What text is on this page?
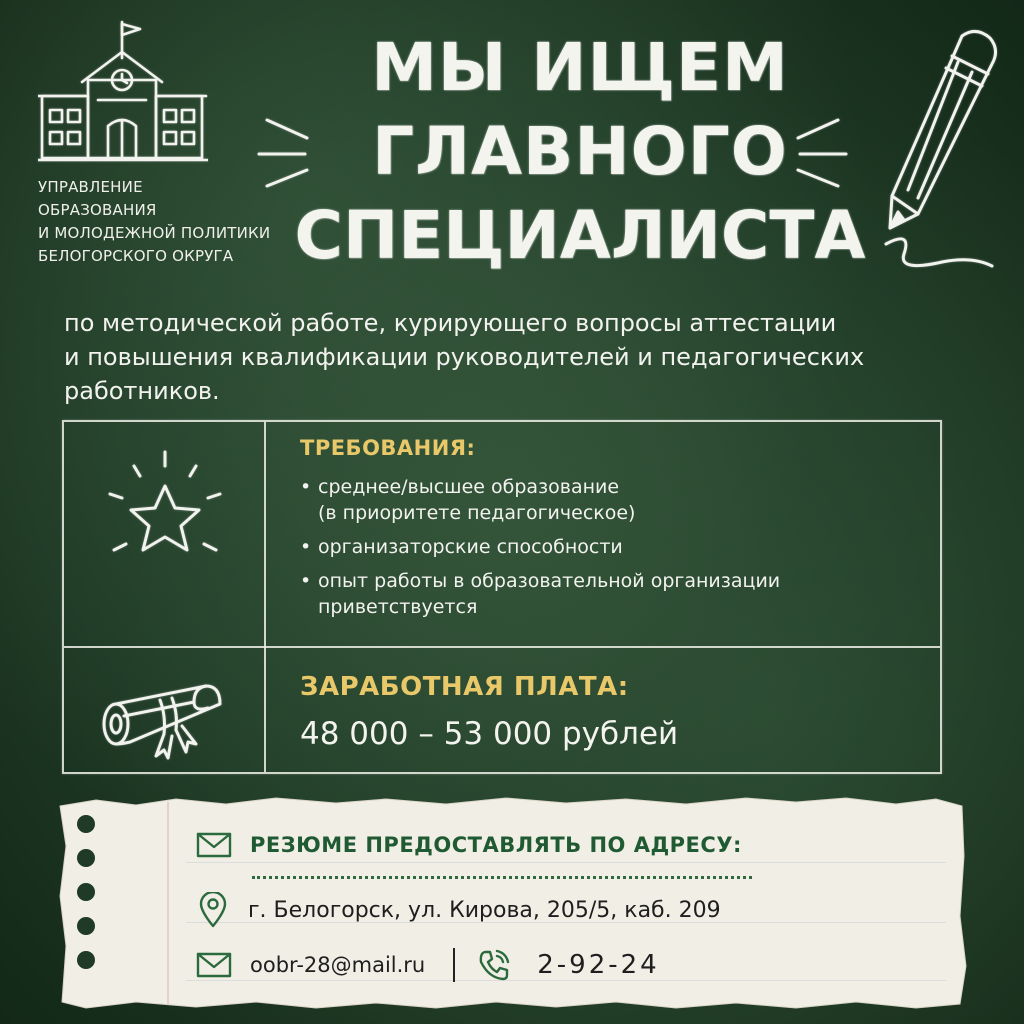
УПРАВЛЕНИЕ
ОБРАЗОВАНИЯ
И МОЛОДЕЖНОЙ ПОЛИТИКИ
БЕЛОГОРСКОГО ОКРУГА
МЫ ИЩЕМ
ГЛАВНОГО
СПЕЦИАЛИСТА
по методической работе, курирующего вопросы аттестации
и повышения квалификации руководителей и педагогических
работников.
ТРЕБОВАНИЯ:
• среднее/высшее образование
(в приоритете педагогическое)
• организаторские способности
• опыт работы в образовательной организации
приветствуется
ЗАРАБОТНАЯ ПЛАТА:
48 000 – 53 000 рублей
РЕЗЮМЕ ПРЕДОСТАВЛЯТЬ ПО АДРЕСУ:
г. Белогорск, ул. Кирова, 205/5, каб. 209
oobr-28@mail.ru	2-92-24
